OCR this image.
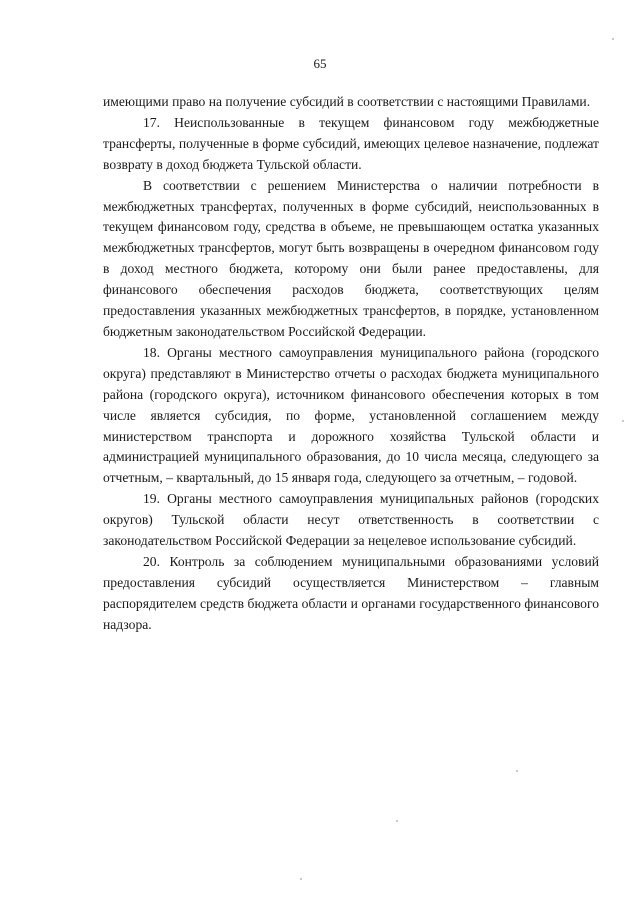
65

имеющими право на получение субсидий в соответствии с настоящими Правилами.

17. Неиспользованные в текущем финансовом году межбюджетные трансферты, полученные в форме субсидий, имеющих целевое назначение, подлежат возврату в доход бюджета Тульской области.

В соответствии с решением Министерства о наличии потребности в межбюджетных трансфертах, полученных в форме субсидий, неиспользованных в текущем финансовом году, средства в объеме, не превышающем остатка указанных межбюджетных трансфертов, могут быть возвращены в очередном финансовом году в доход местного бюджета, которому они были ранее предоставлены, для финансового обеспечения расходов бюджета, соответствующих целям предоставления указанных межбюджетных трансфертов, в порядке, установленном бюджетным законодательством Российской Федерации.

18. Органы местного самоуправления муниципального района (городского округа) представляют в Министерство отчеты о расходах бюджета муниципального района (городского округа), источником финансового обеспечения которых в том числе является субсидия, по форме, установленной соглашением между министерством транспорта и дорожного хозяйства Тульской области и администрацией муниципального образования, до 10 числа месяца, следующего за отчетным, – квартальный, до 15 января года, следующего за отчетным, – годовой.

19. Органы местного самоуправления муниципальных районов (городских округов) Тульской области несут ответственность в соответствии с законодательством Российской Федерации за нецелевое использование субсидий.

20. Контроль за соблюдением муниципальными образованиями условий предоставления субсидий осуществляется Министерством – главным распорядителем средств бюджета области и органами государственного финансового надзора.
